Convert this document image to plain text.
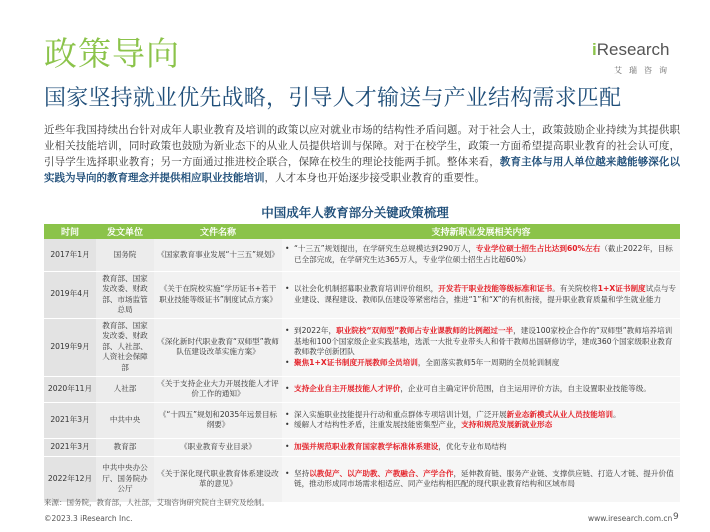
政策导向	iResearch
艾瑞咨询
国家坚持就业优先战略，引导人才输送与产业结构需求匹配
近些年我国持续出台针对成年人职业教育及培训的政策以应对就业市场的结构性矛盾问题。对于社会人士，政策鼓励企业持续为其提供职业相关技能培训，同时政策也鼓励为新业态下的从业人员提供培训与保障。对于在校学生，政策一方面希望提高职业教育的社会认可度，引导学生选择职业教育；另一方面通过推进校企联合，保障在校生的理论技能两手抓。整体来看，教育主体与用人单位越来越能够深化以实践为导向的教育理念并提供相应职业技能培训，人才本身也开始逐步接受职业教育的重要性。
中国成年人教育部分关键政策梳理
时间	发文单位	文件名称	支持新职业发展相关内容
2017年1月	国务院	《国家教育事业发展“十三五”规划》	• “十三五”规划提出，在学研究生总规模达到290万人，专业学位硕士招生占比达到60%左右（截止2022年，目标已全部完成，在学研究生达365万人，专业学位硕士招生占比超60%）

2019年4月	教育部、国家发改委、财政部、市场监管总局	《关于在院校实施“学历证书+若干职业技能等级证书”制度试点方案》	• 以社会化机制招募职业教育培训评价组织，开发若干职业技能等级标准和证书。有关院校将1+X证书制度试点与专业建设、课程建设、教师队伍建设等紧密结合，推进“1”和“X”的有机衔接，提升职业教育质量和学生就业能力

2019年9月	教育部、国家发改委、财政部、人社部、人资社会保障部	《深化新时代职业教育“双师型”教师队伍建设改革实施方案》	• 到2022年，职业院校“双师型”教师占专业课教师的比例超过一半，建设100家校企合作的“双师型”教师培养培训基地和100个国家级企业实践基地，选派一大批专业带头人和骨干教师出国研修访学，建成360个国家级职业教育教师教学创新团队
• 聚焦1+X证书制度开展教师全员培训，全面落实教师5年一周期的全员轮训制度

2020年11月	人社部	《关于支持企业大力开展技能人才评 价工作的通知》	• 支持企业自主开展技能人才评价，企业可自主确定评价范围，自主运用评价方法，自主设置职业技能等级。

2021年3月	中共中央	《“十四五”规划和2035年远景目标 纲要》	• 深入实施职业技能提升行动和重点群体专项培训计划，广泛开展新业态新模式从业人员技能培训。
• 缓解人才结构性矛盾，注重发展技能密集型产业，支持和规范发展新就业形态

2021年3月	教育部	《职业教育专业目录》	• 加强并规范职业教育国家教学标准体系建设，优化专业布局结构

2022年12月	中共中央办公厅、国务院办公厅	《关于深化现代职业教育体系建设改革的意见》	• 坚持以教促产、以产助教、产教融合、产学合作，延伸教育链、服务产业链、支撑供应链、打造人才链、提升价值链，推动形成同市场需求相适应、同产业结构相匹配的现代职业教育结构和区域布局
来源：国务院，教育部，人社部，艾瑞咨询研究院自主研究及绘制。
©2023.3 iResearch Inc.	www.iresearch.com.cn 9
